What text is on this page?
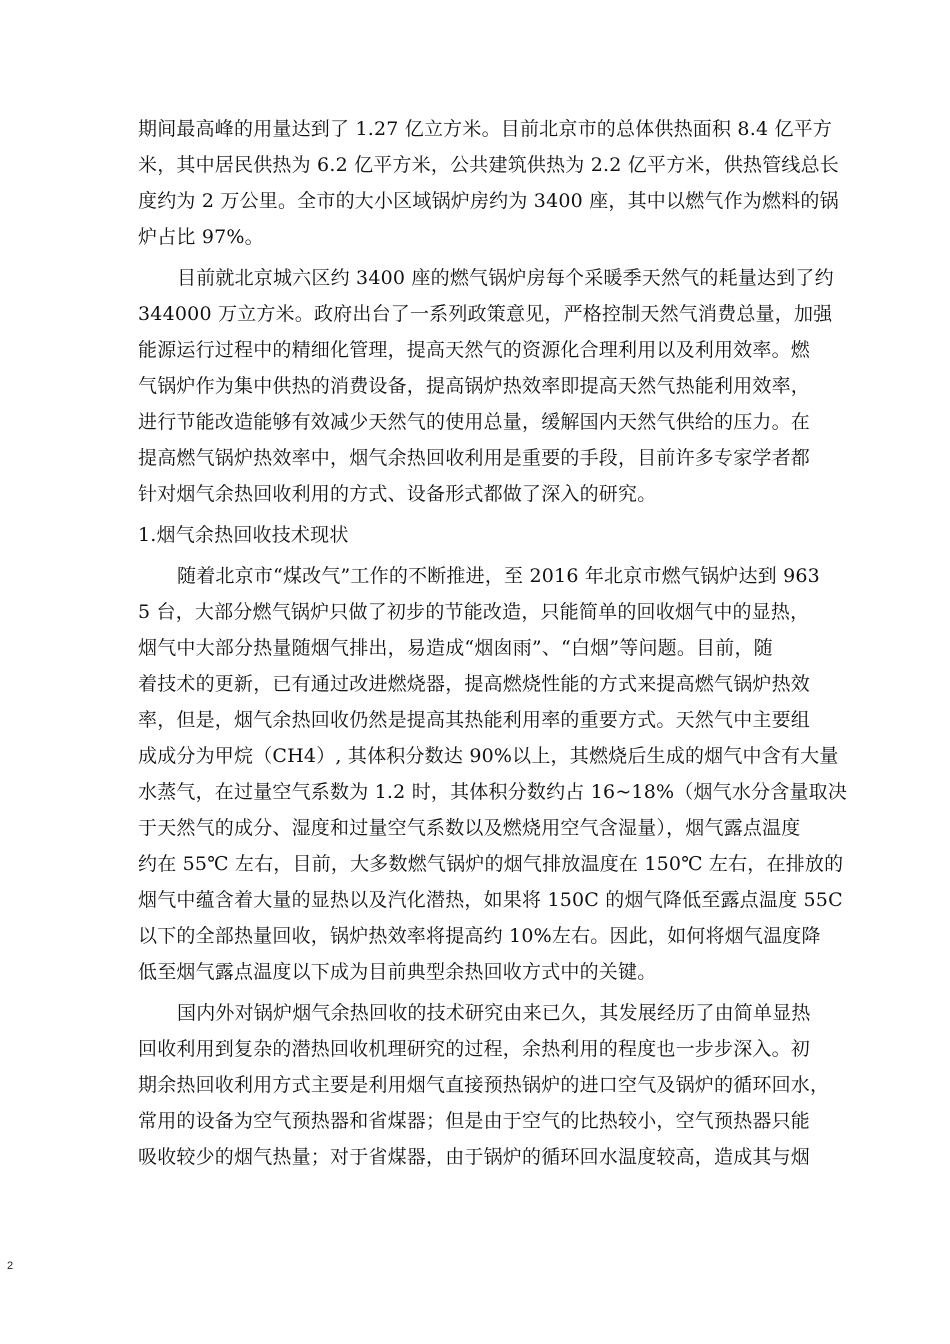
期间最高峰的用量达到了 1.27 亿立方米。目前北京市的总体供热面积 8.4 亿平方
米，其中居民供热为 6.2 亿平方米，公共建筑供热为 2.2 亿平方米，供热管线总长
度约为 2 万公里。全市的大小区域锅炉房约为 3400 座，其中以燃气作为燃料的锅
炉占比 97%。
目前就北京城六区约 3400 座的燃气锅炉房每个采暖季天然气的耗量达到了约
344000 万立方米。政府出台了一系列政策意见，严格控制天然气消费总量，加强
能源运行过程中的精细化管理，提高天然气的资源化合理利用以及利用效率。燃
气锅炉作为集中供热的消费设备，提高锅炉热效率即提高天然气热能利用效率，
进行节能改造能够有效减少天然气的使用总量，缓解国内天然气供给的压力。在
提高燃气锅炉热效率中，烟气余热回收利用是重要的手段，目前许多专家学者都
针对烟气余热回收利用的方式、设备形式都做了深入的研究。
1.烟气余热回收技术现状
随着北京市“煤改气”工作的不断推进，至 2016 年北京市燃气锅炉达到 963
5 台，大部分燃气锅炉只做了初步的节能改造，只能简单的回收烟气中的显热，
烟气中大部分热量随烟气排出，易造成“烟囱雨”、“白烟”等问题。目前，随
着技术的更新，已有通过改进燃烧器，提高燃烧性能的方式来提高燃气锅炉热效
率，但是，烟气余热回收仍然是提高其热能利用率的重要方式。天然气中主要组
成成分为甲烷（CH4）, 其体积分数达 90%以上，其燃烧后生成的烟气中含有大量
水蒸气，在过量空气系数为 1.2 时，其体积分数约占 16~18%（烟气水分含量取决
于天然气的成分、湿度和过量空气系数以及燃烧用空气含湿量），烟气露点温度
约在 55℃ 左右，目前，大多数燃气锅炉的烟气排放温度在 150℃ 左右，在排放的
烟气中蕴含着大量的显热以及汽化潜热，如果将 150C 的烟气降低至露点温度 55C
以下的全部热量回收，锅炉热效率将提高约 10%左右。因此，如何将烟气温度降
低至烟气露点温度以下成为目前典型余热回收方式中的关键。
国内外对锅炉烟气余热回收的技术研究由来已久，其发展经历了由简单显热
回收利用到复杂的潜热回收机理研究的过程，余热利用的程度也一步步深入。初
期余热回收利用方式主要是利用烟气直接预热锅炉的进口空气及锅炉的循环回水，
常用的设备为空气预热器和省煤器；但是由于空气的比热较小，空气预热器只能
吸收较少的烟气热量；对于省煤器，由于锅炉的循环回水温度较高，造成其与烟
2
